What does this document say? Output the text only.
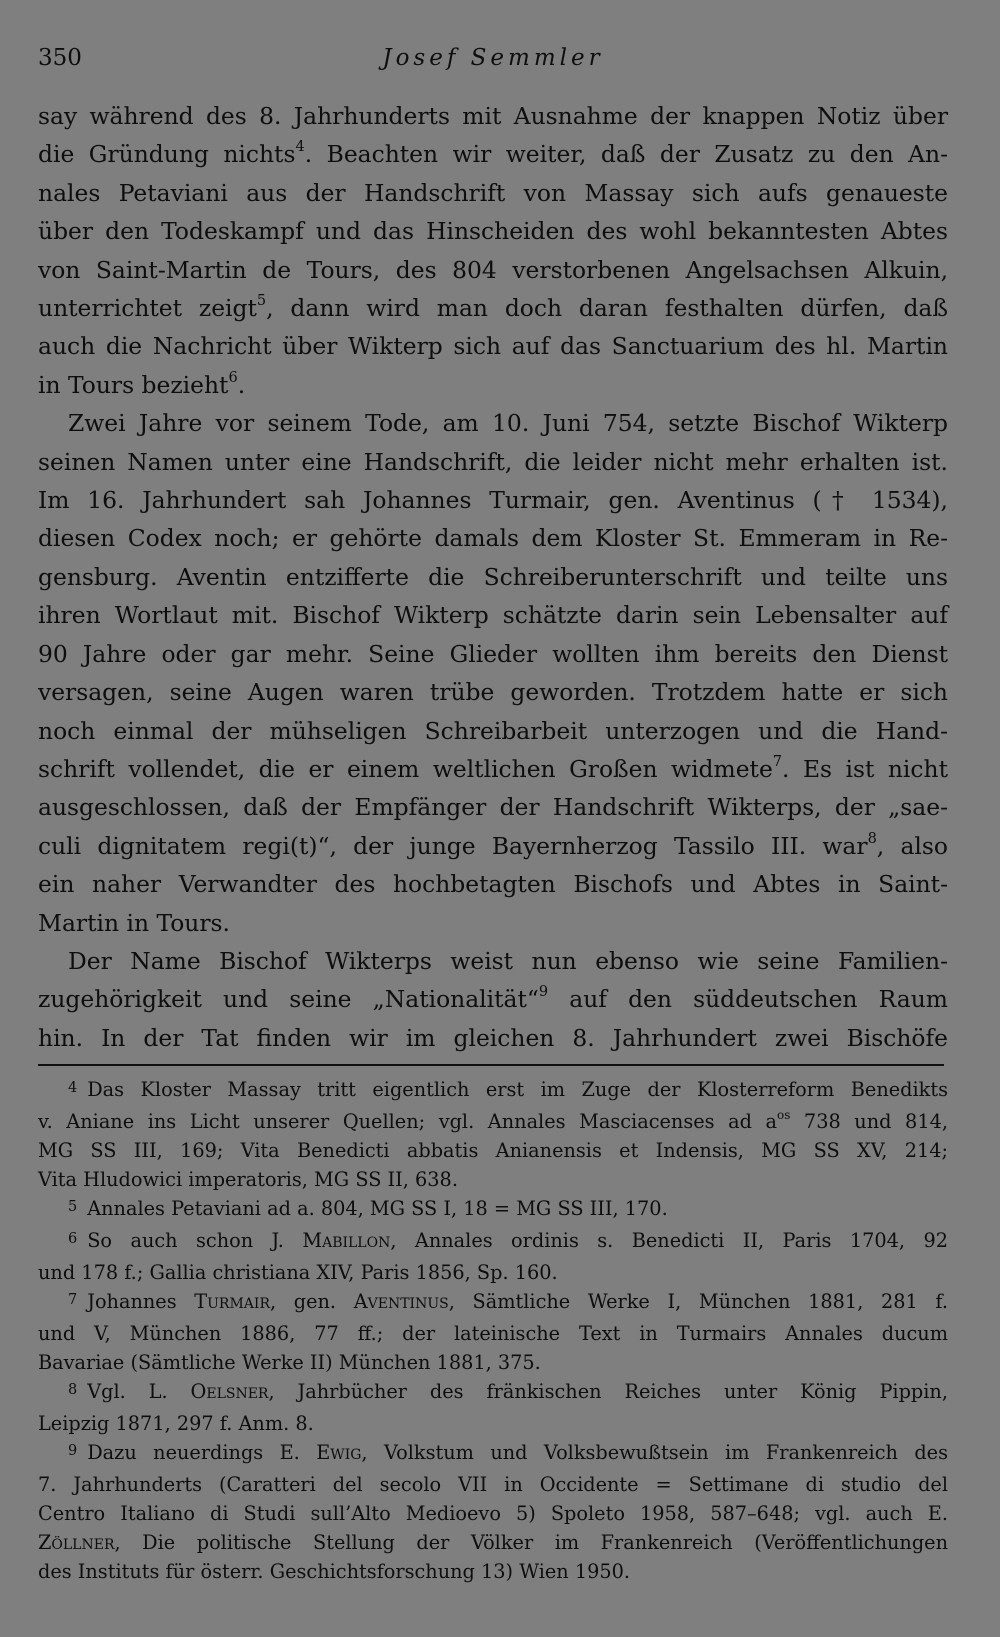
350	Josef Semmler
say während des 8. Jahrhunderts mit Ausnahme der knappen Notiz über
die Gründung nichts$^4$. Beachten wir weiter, daß der Zusatz zu den An-
nales Petaviani aus der Handschrift von Massay sich aufs genaueste
über den Todeskampf und das Hinscheiden des wohl bekanntesten Abtes
von Saint-Martin de Tours, des 804 verstorbenen Angelsachsen Alkuin,
unterrichtet zeigt$^5$, dann wird man doch daran festhalten dürfen, daß
auch die Nachricht über Wikterp sich auf das Sanctuarium des hl. Martin
in Tours bezieht$^6$.
Zwei Jahre vor seinem Tode, am 10. Juni 754, setzte Bischof Wikterp
seinen Namen unter eine Handschrift, die leider nicht mehr erhalten ist.
Im 16. Jahrhundert sah Johannes Turmair, gen. Aventinus († 1534),
diesen Codex noch; er gehörte damals dem Kloster St. Emmeram in Re-
gensburg. Aventin entzifferte die Schreiberunterschrift und teilte uns
ihren Wortlaut mit. Bischof Wikterp schätzte darin sein Lebensalter auf
90 Jahre oder gar mehr. Seine Glieder wollten ihm bereits den Dienst
versagen, seine Augen waren trübe geworden. Trotzdem hatte er sich
noch einmal der mühseligen Schreibarbeit unterzogen und die Hand-
schrift vollendet, die er einem weltlichen Großen widmete$^7$. Es ist nicht
ausgeschlossen, daß der Empfänger der Handschrift Wikterps, der „sae-
culi dignitatem regi(t)“, der junge Bayernherzog Tassilo III. war$^8$, also
ein naher Verwandter des hochbetagten Bischofs und Abtes in Saint-
Martin in Tours.
Der Name Bischof Wikterps weist nun ebenso wie seine Familien-
zugehörigkeit und seine „Nationalität“$^9$ auf den süddeutschen Raum
hin. In der Tat finden wir im gleichen 8. Jahrhundert zwei Bischöfe
4 Das Kloster Massay tritt eigentlich erst im Zuge der Klosterreform Benedikts
v. Aniane ins Licht unserer Quellen; vgl. Annales Masciacenses ad $a^{os}$ 738 und 814,
MG SS III, 169; Vita Benedicti abbatis Anianensis et Indensis, MG SS XV, 214;
Vita Hludowici imperatoris, MG SS II, 638.
5 Annales Petaviani ad a. 804, MG SS I, 18 = MG SS III, 170.
6 So auch schon J. Mabillon, Annales ordinis s. Benedicti II, Paris 1704, 92
und 178 f.; Gallia christiana XIV, Paris 1856, Sp. 160.
7 Johannes Turmair, gen. Aventinus, Sämtliche Werke I, München 1881, 281 f.
und V, München 1886, 77 ff.; der lateinische Text in Turmairs Annales ducum
Bavariae (Sämtliche Werke II) München 1881, 375.
8 Vgl. L. Oelsner, Jahrbücher des fränkischen Reiches unter König Pippin,
Leipzig 1871, 297 f. Anm. 8.
9 Dazu neuerdings E. Ewig, Volkstum und Volksbewußtsein im Frankenreich des
7. Jahrhunderts (Caratteri del secolo VII in Occidente = Settimane di studio del
Centro Italiano di Studi sull’Alto Medioevo 5) Spoleto 1958, 587–648; vgl. auch E.
Zöllner, Die politische Stellung der Völker im Frankenreich (Veröffentlichungen
des Instituts für österr. Geschichtsforschung 13) Wien 1950.
